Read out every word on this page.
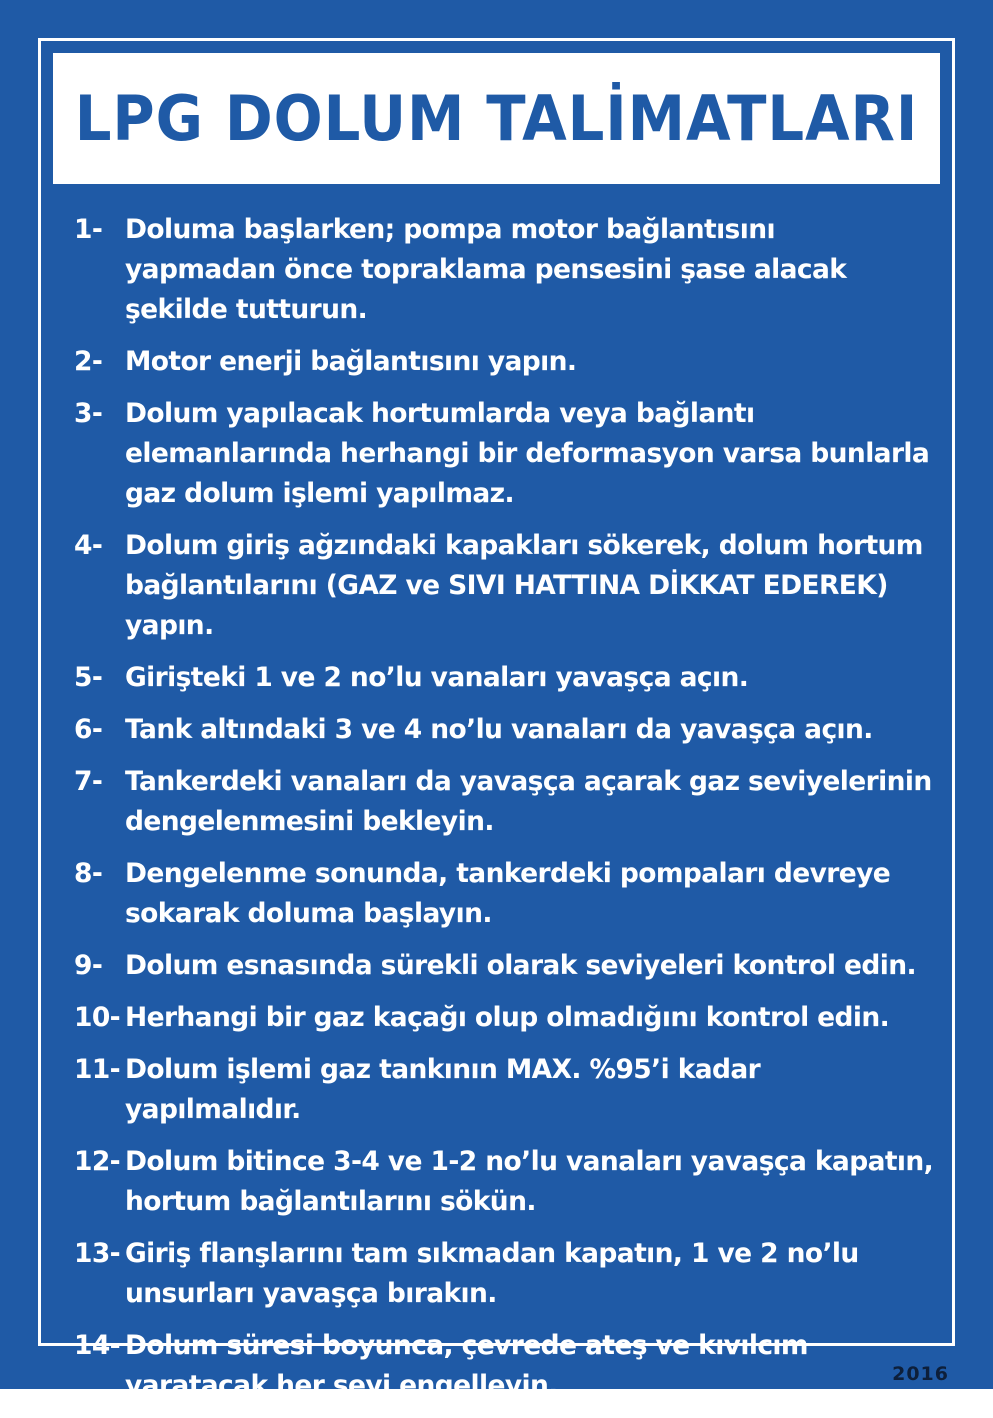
LPG DOLUM TALİMATLARI
1- Doluma başlarken; pompa motor bağlantısını yapmadan önce topraklama pensesini şase alacak şekilde tutturun.
2- Motor enerji bağlantısını yapın.
3- Dolum yapılacak hortumlarda veya bağlantı elemanlarında herhangi bir deformasyon varsa bunlarla gaz dolum işlemi yapılmaz.
4- Dolum giriş ağzındaki kapakları sökerek, dolum hortum bağlantılarını (GAZ ve SIVI HATTINA DİKKAT EDEREK) yapın.
5- Girişteki 1 ve 2 no’lu vanaları yavaşça açın.
6- Tank altındaki 3 ve 4 no’lu vanaları da yavaşça açın.
7- Tankerdeki vanaları da yavaşça açarak gaz seviyelerinin dengelenmesini bekleyin.
8- Dengelenme sonunda, tankerdeki pompaları devreye sokarak doluma başlayın.
9- Dolum esnasında sürekli olarak seviyeleri kontrol edin.
10- Herhangi bir gaz kaçağı olup olmadığını kontrol edin.
11- Dolum işlemi gaz tankının MAX. %95’i kadar yapılmalıdır.
12- Dolum bitince 3-4 ve 1-2 no’lu vanaları yavaşça kapatın, hortum bağlantılarını sökün.
13- Giriş flanşlarını tam sıkmadan kapatın, 1 ve 2 no’lu unsurları yavaşça bırakın.
14- Dolum süresi boyunca, çevrede ateş ve kıvılcım yaratacak her şeyi engelleyin.	2016
